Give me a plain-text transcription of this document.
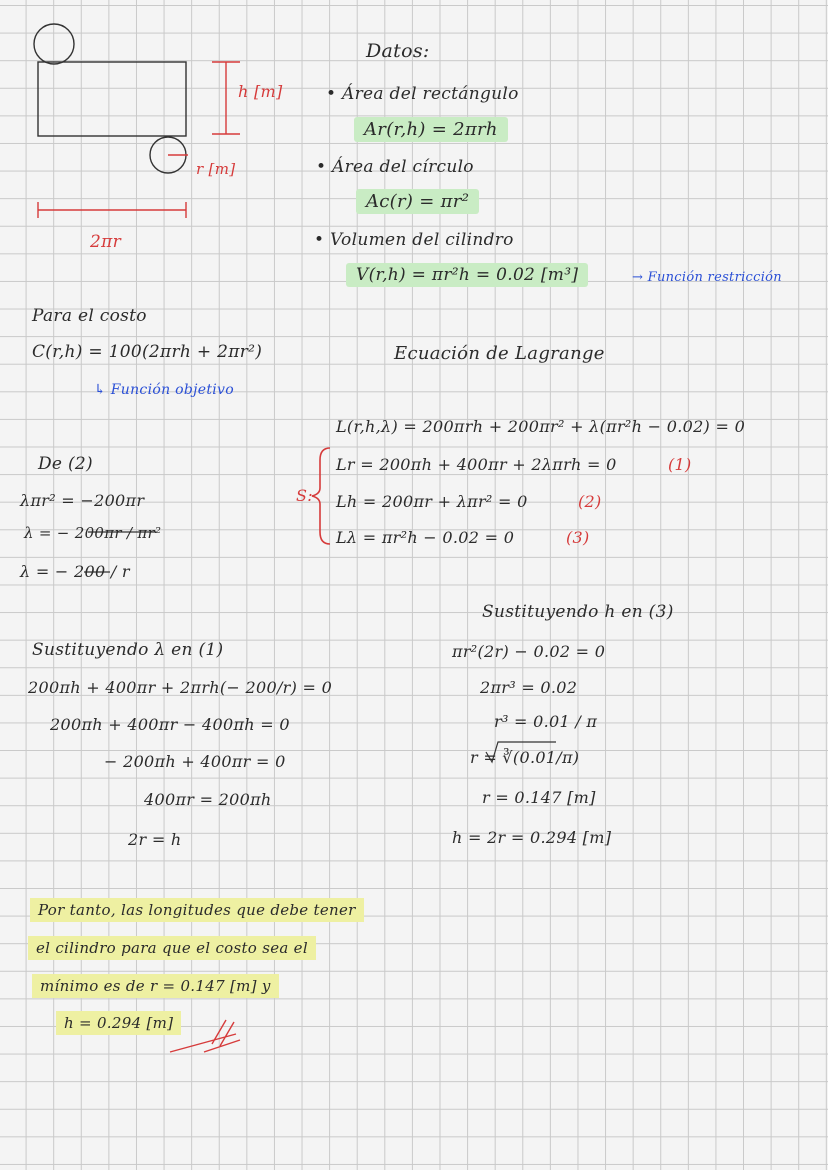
h [m]
r [m]
2πr
Datos:
• Área del rectángulo
Ar(r,h) = 2πrh
• Área del círculo
Ac(r) = πr²
• Volumen del cilindro
V(r,h) = πr²h = 0.02 [m³]	→ Función restricción
Para el costo
C(r,h) = 100(2πrh + 2πr²)
↳ Función objetivo
Ecuación de Lagrange
L(r,h,λ) = 200πrh + 200πr² + λ(πr²h − 0.02) = 0
S:
Lr = 200πh + 400πr + 2λπrh = 0	(1)
Lh = 200πr + λπr² = 0	(2)
Lλ = πr²h − 0.02 = 0	(3)
De (2)
λπr² = −200πr
λ = − 200πr / πr²
λ = − 200 / r
Sustituyendo λ en (1)
200πh + 400πr + 2πrh(− 200/r) = 0
200πh + 400πr − 400πh = 0
− 200πh + 400πr = 0
400πr = 200πh
2r = h
Sustituyendo h en (3)
πr²(2r) − 0.02 = 0
2πr³ = 0.02
r³ = 0.01 / π
r = ∛(0.01/π)
r = 0.147 [m]
h = 2r = 0.294 [m]
Por tanto, las longitudes que debe tener
el cilindro para que el costo sea el
mínimo es de r = 0.147 [m] y
h = 0.294 [m]
